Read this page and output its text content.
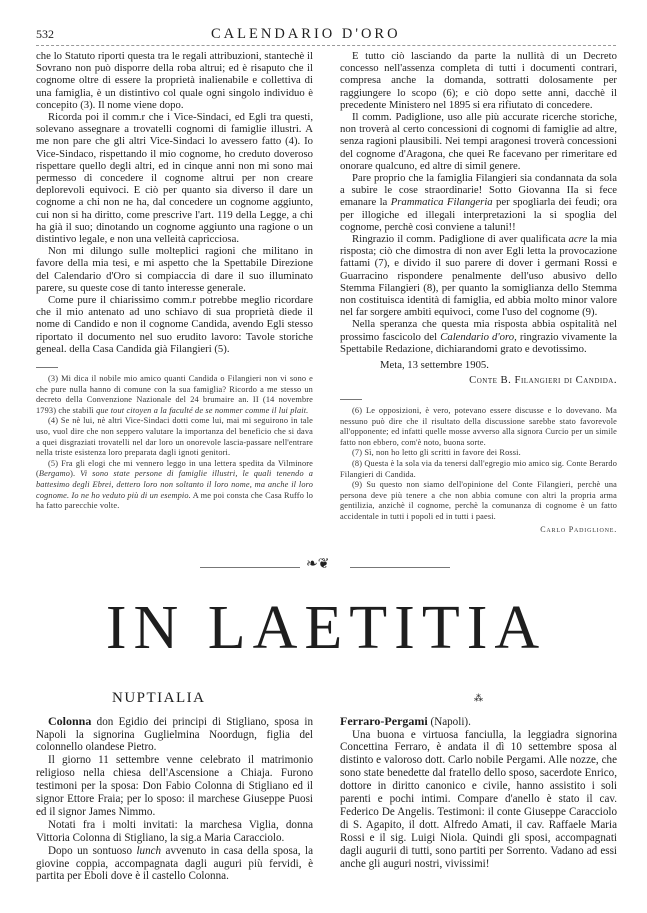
532	CALENDARIO D'ORO

che lo Statuto riporti questa tra le regali attribuzioni, stantechè il Sovrano non può disporre della roba altrui; ed è risaputo che il cognome oltre di essere la proprietà inalienabile e collettiva di una famiglia, è un distintivo col quale ogni singolo individuo è concepito (3). Il nome viene dopo.

Ricorda poi il comm.r che i Vice-Sindaci, ed Egli tra questi, solevano assegnare a trovatelli cognomi di famiglie illustri. A me non pare che gli altri Vice-Sindaci lo avessero fatto (4). Io Vice-Sindaco, rispettando il mio cognome, ho creduto doveroso rispettare quello degli altri, ed in cinque anni non mi sono mai permesso di concedere il cognome altrui per non creare deplorevoli equivoci. E ciò per quanto sia diverso il dare un cognome a chi non ne ha, dal concedere un cognome aggiunto, cui non si ha diritto, come prescrive l'art. 119 della Legge, a chi ha già il suo; dinotando un cognome aggiunto una ragione o un distintivo legale, e non una velleità capricciosa.

Non mi dilungo sulle molteplici ragioni che militano in favore della mia tesi, e mi aspetto che la Spettabile Direzione del Calendario d'Oro si compiaccia di dare il suo illuminato parere, su queste cose di tanto interesse generale.

Come pure il chiarissimo comm.r potrebbe meglio ricordare che il mio antenato ad uno schiavo di sua proprietà diede il nome di Candido e non il cognome Candida, avendo Egli stesso riportato il documento nel suo erudito lavoro: Tavole storiche geneal. della Casa Candida già Filangieri (5).

(3) Mi dica il nobile mio amico quanti Candida o Filangieri non vi sono e che pure nulla hanno di comune con la sua famiglia? Ricordo a me stesso un decreto della Convenzione Nazionale del 24 brumaire an. II (14 novembre 1793) che stabilì que tout citoyen a la faculté de se nommer comme il lui plait.

(4) Se nè lui, nè altri Vice-Sindaci dotti come lui, mai mi seguirono in tale uso, vuol dire che non seppero valutare la importanza del beneficio che si dava a quei disgraziati trovatelli nel dar loro un onorevole lascia-passare nell'entrare nella triste esistenza loro preparata dagli ignoti genitori.

(5) Fra gli elogi che mi vennero leggo in una lettera spedita da Vilminore (Bergamo). Vi sono state persone di famiglie illustri, le quali tenendo a battesimo degli Ebrei, dettero loro non soltanto il loro nome, ma anche il loro cognome. Io ne ho veduto più di un esempio. A me poi consta che Casa Ruffo lo ha fatto parecchie volte.

E tutto ciò lasciando da parte la nullità di un Decreto concesso nell'assenza completa di tutti i documenti contrari, compresa anche la domanda, sottratti dolosamente per raggiungere lo scopo (6); e ciò dopo sette anni, dacchè il precedente Ministero nel 1895 si era rifiutato di concedere.

Il comm. Padiglione, uso alle più accurate ricerche storiche, non troverà al certo concessioni di cognomi di famiglie ad altre, senza ragioni plausibili. Nei tempi aragonesi troverà concessioni del cognome d'Aragona, che quei Re facevano per rimeritare ed onorare qualcuno, ed altre di simil genere.

Pare proprio che la famiglia Filangieri sia condannata da sola a subire le cose straordinarie! Sotto Giovanna IIa si fece emanare la Prammatica Filangeria per spogliarla dei feudi; ora per illogiche ed illegali interpretazioni la si spoglia del cognome, perchè così conviene a taluni!!

Ringrazio il comm. Padiglione di aver qualificata acre la mia risposta; ciò che dimostra di non aver Egli letta la provocazione fattami (7), e divido il suo parere di dover i germani Rossi e Guarracino rispondere penalmente dell'uso abusivo dello Stemma Filangieri (8), per quanto la somiglianza dello Stemma non costituisca identità di famiglia, ed abbia molto minor valore nel far sorgere ambiti equivoci, come l'uso del cognome (9).

Nella speranza che questa mia risposta abbia ospitalità nel prossimo fascicolo del Calendario d'oro, ringrazio vivamente la Spettabile Redazione, dichiarandomi grato e devotissimo.

Meta, 13 settembre 1905.
Conte B. Filangieri di Candida.

(6) Le opposizioni, è vero, potevano essere discusse e lo dovevano. Ma nessuno può dire che il risultato della discussione sarebbe stato favorevole all'opponente; ed infatti quelle mosse avverso alla signora Curcio per un simile fatto non ebbero, com'è noto, buona sorte.

(7) Sì, non ho letto gli scritti in favore dei Rossi.

(8) Questa è la sola via da tenersi dall'egregio mio amico sig. Conte Berardo Filangieri di Candida.

(9) Su questo non siamo dell'opinione del Conte Filangieri, perchè una persona deve più tenere a che non abbia comune con altri la propria arma gentilizia, anzichè il cognome, perchè la comunanza di cognome è un fatto accidentale in tutti i popoli ed in tutti i paesi.

Carlo Padiglione.
❧❦
IN LAETITIA
NUPTIALIA

Colonna don Egidio dei principi di Stigliano, sposa in Napoli la signorina Guglielmina Noordugn, figlia del colonnello olandese Pietro.

Il giorno 11 settembre venne celebrato il matrimonio religioso nella chiesa dell'Ascensione a Chiaja. Furono testimoni per la sposa: Don Fabio Colonna di Stigliano ed il signor Ettore Fraia; per lo sposo: il marchese Giuseppe Puosi ed il signor James Nimmo.

Notati fra i molti invitati: la marchesa Viglia, donna Vittoria Colonna di Stigliano, la sig.a Maria Caracciolo.

Dopo un sontuoso lunch avvenuto in casa della sposa, la giovine coppia, accompagnata dagli auguri più fervidi, è partita per Eboli dove è il castello Colonna.

⁂

Ferraro-Pergami (Napoli).

Una buona e virtuosa fanciulla, la leggiadra signorina Concettina Ferraro, è andata il dì 10 settembre sposa al distinto e valoroso dott. Carlo nobile Pergami. Alle nozze, che sono state benedette dal fratello dello sposo, sacerdote Enrico, dottore in diritto canonico e civile, hanno assistito i soli parenti e pochi intimi. Compare d'anello è stato il cav. Federico De Angelis. Testimoni: il conte Giuseppe Caracciolo di S. Agapito, il dott. Alfredo Amati, il cav. Raffaele Maria Rossi e il sig. Luigi Niola. Quindi gli sposi, accompagnati dagli augurii di tutti, sono partiti per Sorrento. Vadano ad essi anche gli auguri nostri, vivissimi!
